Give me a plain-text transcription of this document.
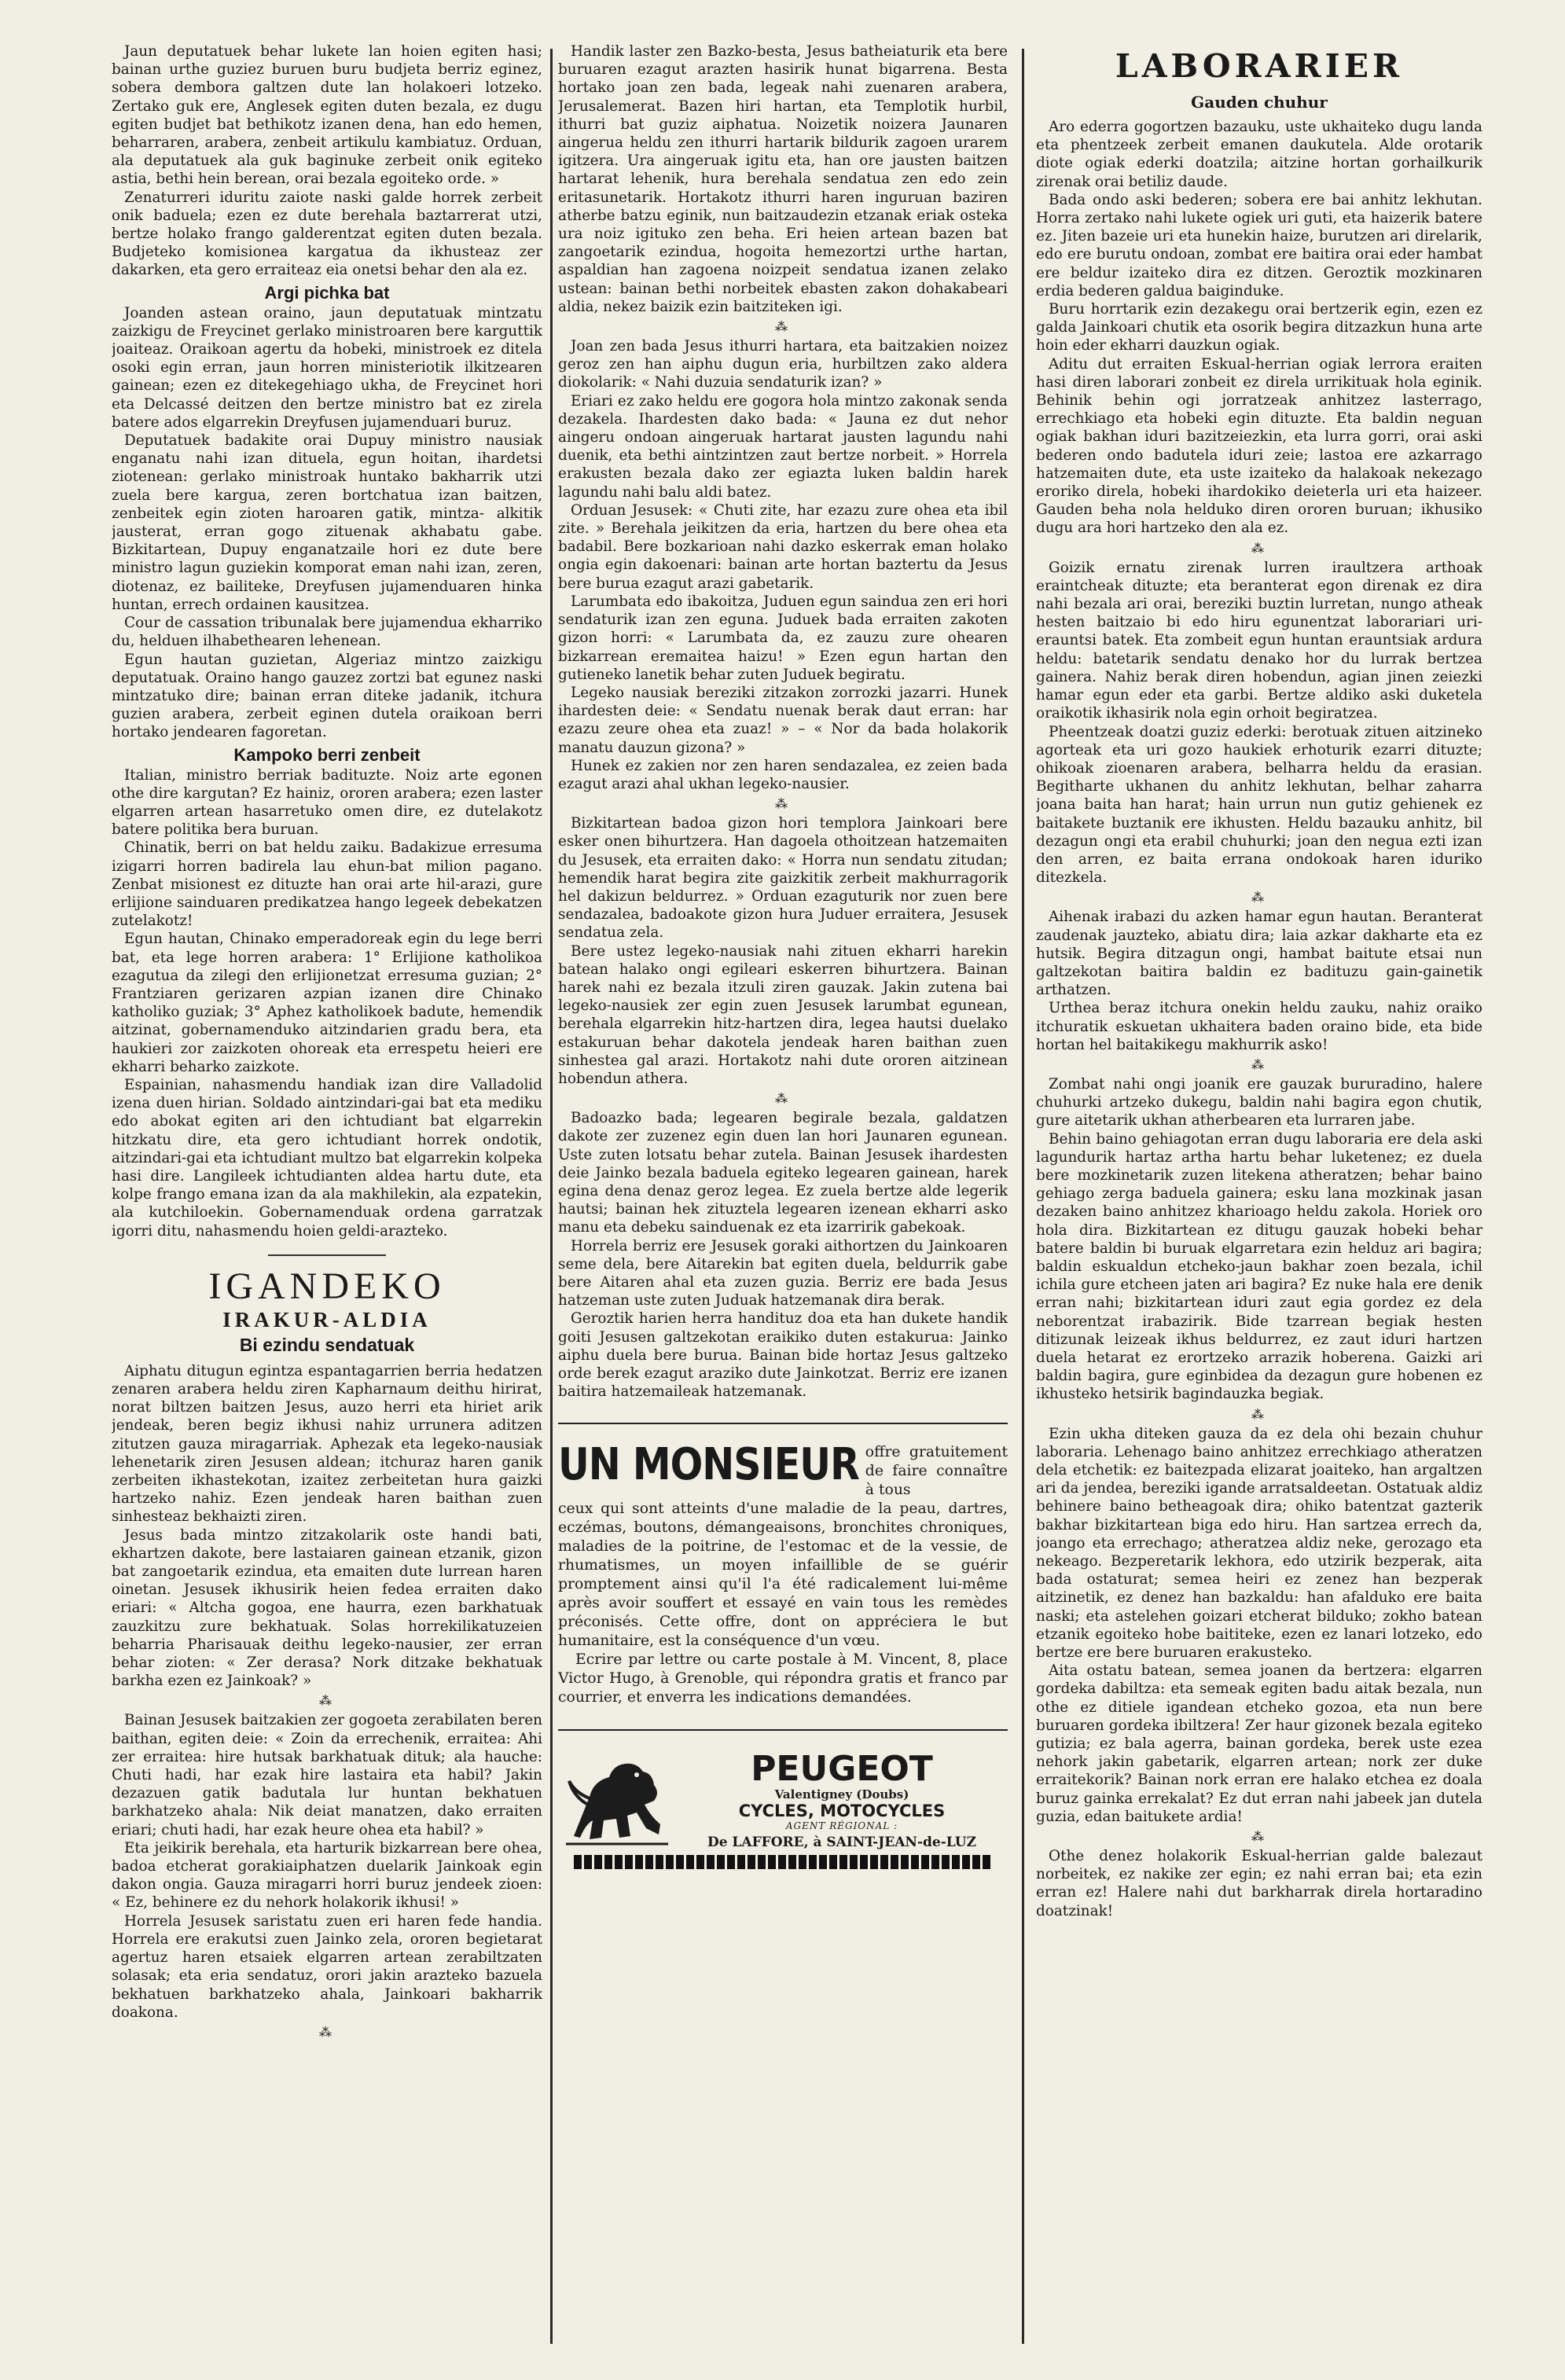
Jaun deputatuek behar lukete lan hoien egiten hasi; bainan urthe guziez buruen buru budjeta berriz eginez, sobera dembora galtzen dute lan holakoeri lotzeko. Zertako guk ere, Anglesek egiten duten bezala, ez dugu egiten budjet bat bethikotz izanen dena, han edo hemen, beharraren, arabera, zenbeit artikulu kambiatuz. Orduan, ala deputatuek ala guk baginuke zerbeit onik egiteko astia, bethi hein berean, orai bezala egoiteko orde. »

Zenaturreri iduritu zaiote naski galde horrek zerbeit onik baduela; ezen ez dute berehala baztarrerat utzi, bertze holako frango galderentzat egiten duten bezala. Budjeteko komisionea kargatua da ikhusteaz zer dakarken, eta gero erraiteaz eia onetsi behar den ala ez.

Argi pichka bat

Joanden astean oraino, jaun deputatuak mintzatu zaizkigu de Freycinet gerlako ministroaren bere karguttik joaiteaz. Oraikoan agertu da hobeki, ministroek ez ditela osoki egin erran, jaun horren ministeriotik ilkitzearen gainean; ezen ez ditekegehiago ukha, de Freycinet hori eta Delcassé deitzen den bertze ministro bat ez zirela batere ados elgarrekin Dreyfusen jujamenduari buruz.

Deputatuek badakite orai Dupuy ministro nausiak enganatu nahi izan dituela, egun hoitan, ihardetsi ziotenean: gerlako ministroak huntako bakharrik utzi zuela bere kargua, zeren bortchatua izan baitzen, zenbeitek egin zioten haroaren gatik, mintza- alkitik jausterat, erran gogo zituenak akhabatu gabe. Bizkitartean, Dupuy enganatzaile hori ez dute bere ministro lagun guziekin komporat eman nahi izan, zeren, diotenaz, ez bailiteke, Dreyfusen jujamenduaren hinka huntan, errech ordainen kausitzea.

Cour de cassation tribunalak bere jujamendua ekharriko du, helduen ilhabethearen lehenean.

Egun hautan guzietan, Algeriaz mintzo zaizkigu deputatuak. Oraino hango gauzez zortzi bat egunez naski mintzatuko dire; bainan erran diteke jadanik, itchura guzien arabera, zerbeit eginen dutela oraikoan berri hortako jendearen fagoretan.

Kampoko berri zenbeit

Italian, ministro berriak badituzte. Noiz arte egonen othe dire kargutan? Ez hainiz, ororen arabera; ezen laster elgarren artean hasarretuko omen dire, ez dutelakotz batere politika bera buruan.

Chinatik, berri on bat heldu zaiku. Badakizue erresuma izigarri horren badirela lau ehun-bat milion pagano. Zenbat misionest ez dituzte han orai arte hil-arazi, gure erlijione sainduaren predikatzea hango legeek debekatzen zutelakotz!

Egun hautan, Chinako emperadoreak egin du lege berri bat, eta lege horren arabera: 1° Erlijione katholikoa ezagutua da zilegi den erlijionetzat erresuma guzian; 2° Frantziaren gerizaren azpian izanen dire Chinako katholiko guziak; 3° Aphez katholikoek badute, hemendik aitzinat, gobernamenduko aitzindarien gradu bera, eta haukieri zor zaizkoten ohoreak eta errespetu heieri ere ekharri beharko zaizkote.

Espainian, nahasmendu handiak izan dire Valladolid izena duen hirian. Soldado aintzindari-gai bat eta mediku edo abokat egiten ari den ichtudiant bat elgarrekin hitzkatu dire, eta gero ichtudiant horrek ondotik, aitzindari-gai eta ichtudiant multzo bat elgarrekin kolpeka hasi dire. Langileek ichtudianten aldea hartu dute, eta kolpe frango emana izan da ala makhilekin, ala ezpatekin, ala kutchiloekin. Gobernamenduak ordena garratzak igorri ditu, nahasmendu hoien geldi-arazteko.

IGANDEKO
IRAKUR-ALDIA
Bi ezindu sendatuak

Aiphatu ditugun egintza espantagarrien berria hedatzen zenaren arabera heldu ziren Kapharnaum deithu hirirat, norat biltzen baitzen Jesus, auzo herri eta hiriet arik jendeak, beren begiz ikhusi nahiz urrunera aditzen zitutzen gauza miragarriak. Aphezak eta legeko-nausiak lehenetarik ziren Jesusen aldean; itchuraz haren ganik zerbeiten ikhastekotan, izaitez zerbeitetan hura gaizki hartzeko nahiz. Ezen jendeak haren baithan zuen sinhesteaz bekhaizti ziren.

Jesus bada mintzo zitzakolarik oste handi bati, ekhartzen dakote, bere lastaiaren gainean etzanik, gizon bat zangoetarik ezindua, eta emaiten dute lurrean haren oinetan. Jesusek ikhusirik heien fedea erraiten dako eriari: « Altcha gogoa, ene haurra, ezen barkhatuak zauzkitzu zure bekhatuak. Solas horrekilikatuzeien beharria Pharisauak deithu legeko-nausier, zer erran behar zioten: « Zer derasa? Nork ditzake bekhatuak barkha ezen ez Jainkoak? »

⁂

Bainan Jesusek baitzakien zer gogoeta zerabilaten beren baithan, egiten deie: « Zoin da errechenik, erraitea: Ahi zer erraitea: hire hutsak barkhatuak dituk; ala hauche: Chuti hadi, har ezak hire lastaira eta habil? Jakin dezazuen gatik badutala lur huntan bekhatuen barkhatzeko ahala: Nik deiat manatzen, dako erraiten eriari; chuti hadi, har ezak heure ohea eta habil? »

Eta jeikirik berehala, eta harturik bizkarrean bere ohea, badoa etcherat gorakiaiphatzen duelarik Jainkoak egin dakon ongia. Gauza miragarri horri buruz jendeek zioen: « Ez, behinere ez du nehork holakorik ikhusi! »

Horrela Jesusek saristatu zuen eri haren fede handia. Horrela ere erakutsi zuen Jainko zela, ororen begietarat agertuz haren etsaiek elgarren artean zerabiltzaten solasak; eta eria sendatuz, orori jakin arazteko bazuela bekhatuen barkhatzeko ahala, Jainkoari bakharrik doakona.

⁂

Handik laster zen Bazko-besta, Jesus batheiaturik eta bere buruaren ezagut arazten hasirik hunat bigarrena. Besta hortako joan zen bada, legeak nahi zuenaren arabera, Jerusalemerat. Bazen hiri hartan, eta Templotik hurbil, ithurri bat guziz aiphatua. Noizetik noizera Jaunaren aingerua heldu zen ithurri hartarik bildurik zagoen urarem igitzera. Ura aingeruak igitu eta, han ore jausten baitzen hartarat lehenik, hura berehala sendatua zen edo zein eritasunetarik. Hortakotz ithurri haren inguruan baziren atherbe batzu eginik, nun baitzaudezin etzanak eriak osteka ura noiz igituko zen beha. Eri heien artean bazen bat zangoetarik ezindua, hogoita hemezortzi urthe hartan, aspaldian han zagoena noizpeit sendatua izanen zelako ustean: bainan bethi norbeitek ebasten zakon dohakabeari aldia, nekez baizik ezin baitziteken igi.

⁂

Joan zen bada Jesus ithurri hartara, eta baitzakien noizez geroz zen han aiphu dugun eria, hurbiltzen zako aldera diokolarik: « Nahi duzuia sendaturik izan? »

Eriari ez zako heldu ere gogora hola mintzo zakonak senda dezakela. Ihardesten dako bada: « Jauna ez dut nehor aingeru ondoan aingeruak hartarat jausten lagundu nahi duenik, eta bethi aintzintzen zaut bertze norbeit. » Horrela erakusten bezala dako zer egiazta luken baldin harek lagundu nahi balu aldi batez.

Orduan Jesusek: « Chuti zite, har ezazu zure ohea eta ibil zite. » Berehala jeikitzen da eria, hartzen du bere ohea eta badabil. Bere bozkarioan nahi dazko eskerrak eman holako ongia egin dakoenari: bainan arte hortan baztertu da Jesus bere burua ezagut arazi gabetarik.

Larumbata edo ibakoitza, Juduen egun saindua zen eri hori sendaturik izan zen eguna. Juduek bada erraiten zakoten gizon horri: « Larumbata da, ez zauzu zure ohearen bizkarrean eremaitea haizu! » Ezen egun hartan den gutieneko lanetik behar zuten Juduek begiratu.

Legeko nausiak bereziki zitzakon zorrozki jazarri. Hunek ihardesten deie: « Sendatu nuenak berak daut erran: har ezazu zeure ohea eta zuaz! » – « Nor da bada holakorik manatu dauzun gizona? »

Hunek ez zakien nor zen haren sendazalea, ez zeien bada ezagut arazi ahal ukhan legeko-nausier.

⁂

Bizkitartean badoa gizon hori templora Jainkoari bere esker onen bihurtzera. Han dagoela othoitzean hatzemaiten du Jesusek, eta erraiten dako: « Horra nun sendatu zitudan; hemendik harat begira zite gaizkitik zerbeit makhurragorik hel dakizun beldurrez. » Orduan ezaguturik nor zuen bere sendazalea, badoakote gizon hura Juduer erraitera, Jesusek sendatua zela.

Bere ustez legeko-nausiak nahi zituen ekharri harekin batean halako ongi egileari eskerren bihurtzera. Bainan harek nahi ez bezala itzuli ziren gauzak. Jakin zutena bai legeko-nausiek zer egin zuen Jesusek larumbat egunean, berehala elgarrekin hitz-hartzen dira, legea hautsi duelako estakuruan behar dakotela jendeak haren baithan zuen sinhestea gal arazi. Hortakotz nahi dute ororen aitzinean hobendun athera.

⁂

Badoazko bada; legearen begirale bezala, galdatzen dakote zer zuzenez egin duen lan hori Jaunaren egunean. Uste zuten lotsatu behar zutela. Bainan Jesusek ihardesten deie Jainko bezala baduela egiteko legearen gainean, harek egina dena denaz geroz legea. Ez zuela bertze alde legerik hautsi; bainan hek zituztela legearen izenean ekharri asko manu eta debeku sainduenak ez eta izarririk gabekoak.

Horrela berriz ere Jesusek goraki aithortzen du Jainkoaren seme dela, bere Aitarekin bat egiten duela, beldurrik gabe bere Aitaren ahal eta zuzen guzia. Berriz ere bada Jesus hatzeman uste zuten Juduak hatzemanak dira berak.

Geroztik harien herra handituz doa eta han dukete handik goiti Jesusen galtzekotan eraikiko duten estakurua: Jainko aiphu duela bere burua. Bainan bide hortaz Jesus galtzeko orde berek ezagut araziko dute Jainkotzat. Berriz ere izanen baitira hatzemaileak hatzemanak.

UN MONSIEUR offre gratuitement de faire connaître à tous

ceux qui sont atteints d'une maladie de la peau, dartres, eczémas, boutons, démangeaisons, bronchites chroniques, maladies de la poitrine, de l'estomac et de la vessie, de rhumatismes, un moyen infaillible de se guérir promptement ainsi qu'il l'a été radicalement lui-même après avoir souffert et essayé en vain tous les remèdes préconisés. Cette offre, dont on appréciera le but humanitaire, est la conséquence d'un vœu.

Ecrire par lettre ou carte postale à M. Vincent, 8, place Victor Hugo, à Grenoble, qui répondra gratis et franco par courrier, et enverra les indications demandées.

PEUGEOT
Valentigney (Doubs)
CYCLES, MOTOCYCLES
AGENT RÉGIONAL :
De LAFFORE, à SAINT-JEAN-de-LUZ
LABORARIER
Gauden chuhur

Aro ederra gogortzen bazauku, uste ukhaiteko dugu landa eta phentzeek zerbeit emanen daukutela. Alde orotarik diote ogiak ederki doatzila; aitzine hortan gorhailkurik zirenak orai betiliz daude.

Bada ondo aski bederen; sobera ere bai anhitz lekhutan. Horra zertako nahi lukete ogiek uri guti, eta haizerik batere ez. Jiten bazeie uri eta hunekin haize, burutzen ari direlarik, edo ere burutu ondoan, zombat ere baitira orai eder hambat ere beldur izaiteko dira ez ditzen. Geroztik mozkinaren erdia bederen galdua baiginduke.

Buru horrtarik ezin dezakegu orai bertzerik egin, ezen ez galda Jainkoari chutik eta osorik begira ditzazkun huna arte hoin eder ekharri dauzkun ogiak.

Aditu dut erraiten Eskual-herrian ogiak lerrora eraiten hasi diren laborari zonbeit ez direla urrikituak hola eginik. Behinik behin ogi jorratzeak anhitzez lasterrago, errechkiago eta hobeki egin dituzte. Eta baldin neguan ogiak bakhan iduri bazitzeiezkin, eta lurra gorri, orai aski bederen ondo badutela iduri zeie; lastoa ere azkarrago hatzemaiten dute, eta uste izaiteko da halakoak nekezago eroriko direla, hobeki ihardokiko deieterla uri eta haizeer. Gauden beha nola helduko diren ororen buruan; ikhusiko dugu ara hori hartzeko den ala ez.

⁂

Goizik ernatu zirenak lurren iraultzera arthoak eraintcheak dituzte; eta beranterat egon direnak ez dira nahi bezala ari orai, bereziki buztin lurretan, nungo atheak hesten baitzaio bi edo hiru egunentzat laborariari uri-erauntsi batek. Eta zombeit egun huntan erauntsiak ardura heldu: batetarik sendatu denako hor du lurrak bertzea gainera. Nahiz berak diren hobendun, agian jinen zeiezki hamar egun eder eta garbi. Bertze aldiko aski duketela oraikotik ikhasirik nola egin orhoit begiratzea.

Pheentzeak doatzi guziz ederki: berotuak zituen aitzineko agorteak eta uri gozo haukiek erhoturik ezarri dituzte; ohikoak zioenaren arabera, belharra heldu da erasian. Begitharte ukhanen du anhitz lekhutan, belhar zaharra joana baita han harat; hain urrun nun gutiz gehienek ez baitakete buztanik ere ikhusten. Heldu bazauku anhitz, bil dezagun ongi eta erabil chuhurki; joan den negua ezti izan den arren, ez baita errana ondokoak haren iduriko ditezkela.

⁂

Aihenak irabazi du azken hamar egun hautan. Beranterat zaudenak jauzteko, abiatu dira; laia azkar dakharte eta ez hutsik. Begira ditzagun ongi, hambat baitute etsai nun galtzekotan baitira baldin ez badituzu gain-gainetik arthatzen.

Urthea beraz itchura onekin heldu zauku, nahiz oraiko itchuratik eskuetan ukhaitera baden oraino bide, eta bide hortan hel baitakikegu makhurrik asko!

⁂

Zombat nahi ongi joanik ere gauzak bururadino, halere chuhurki artzeko dukegu, baldin nahi bagira egon chutik, gure aitetarik ukhan atherbearen eta lurraren jabe.

Behin baino gehiagotan erran dugu laboraria ere dela aski lagundurik hartaz artha hartu behar luketenez; ez duela bere mozkinetarik zuzen litekena atheratzen; behar baino gehiago zerga baduela gainera; esku lana mozkinak jasan dezaken baino anhitzez kharioago heldu zakola. Horiek oro hola dira. Bizkitartean ez ditugu gauzak hobeki behar batere baldin bi buruak elgarretara ezin helduz ari bagira; baldin eskualdun etcheko-jaun bakhar zoen bezala, ichil ichila gure etcheen jaten ari bagira? Ez nuke hala ere denik erran nahi; bizkitartean iduri zaut egia gordez ez dela neborentzat irabazirik. Bide tzarrean begiak hesten ditizunak leizeak ikhus beldurrez, ez zaut iduri hartzen duela hetarat ez erortzeko arrazik hoberena. Gaizki ari baldin bagira, gure eginbidea da dezagun gure hobenen ez ikhusteko hetsirik bagindauzka begiak.

⁂

Ezin ukha diteken gauza da ez dela ohi bezain chuhur laboraria. Lehenago baino anhitzez errechkiago atheratzen dela etchetik: ez baitezpada elizarat joaiteko, han argaltzen ari da jendea, bereziki igande arratsaldeetan. Ostatuak aldiz behinere baino betheagoak dira; ohiko batentzat gazterik bakhar bizkitartean biga edo hiru. Han sartzea errech da, joango eta errechago; atheratzea aldiz neke, gerozago eta nekeago. Bezperetarik lekhora, edo utzirik bezperak, aita bada ostaturat; semea heiri ez zenez han bezperak aitzinetik, ez denez han bazkaldu: han afalduko ere baita naski; eta astelehen goizari etcherat bilduko; zokho batean etzanik egoiteko hobe baititeke, ezen ez lanari lotzeko, edo bertze ere bere buruaren erakusteko.

Aita ostatu batean, semea joanen da bertzera: elgarren gordeka dabiltza: eta semeak egiten badu aitak bezala, nun othe ez ditiele igandean etcheko gozoa, eta nun bere buruaren gordeka ibiltzera! Zer haur gizonek bezala egiteko gutizia; ez bala agerra, bainan gordeka, berek uste ezea nehork jakin gabetarik, elgarren artean; nork zer duke erraitekorik? Bainan nork erran ere halako etchea ez doala buruz gainka errekalat? Ez dut erran nahi jabeek jan dutela guzia, edan baitukete ardia!

⁂

Othe denez holakorik Eskual-herrian galde balezaut norbeitek, ez nakike zer egin; ez nahi erran bai; eta ezin erran ez! Halere nahi dut barkharrak direla hortaradino doatzinak!
